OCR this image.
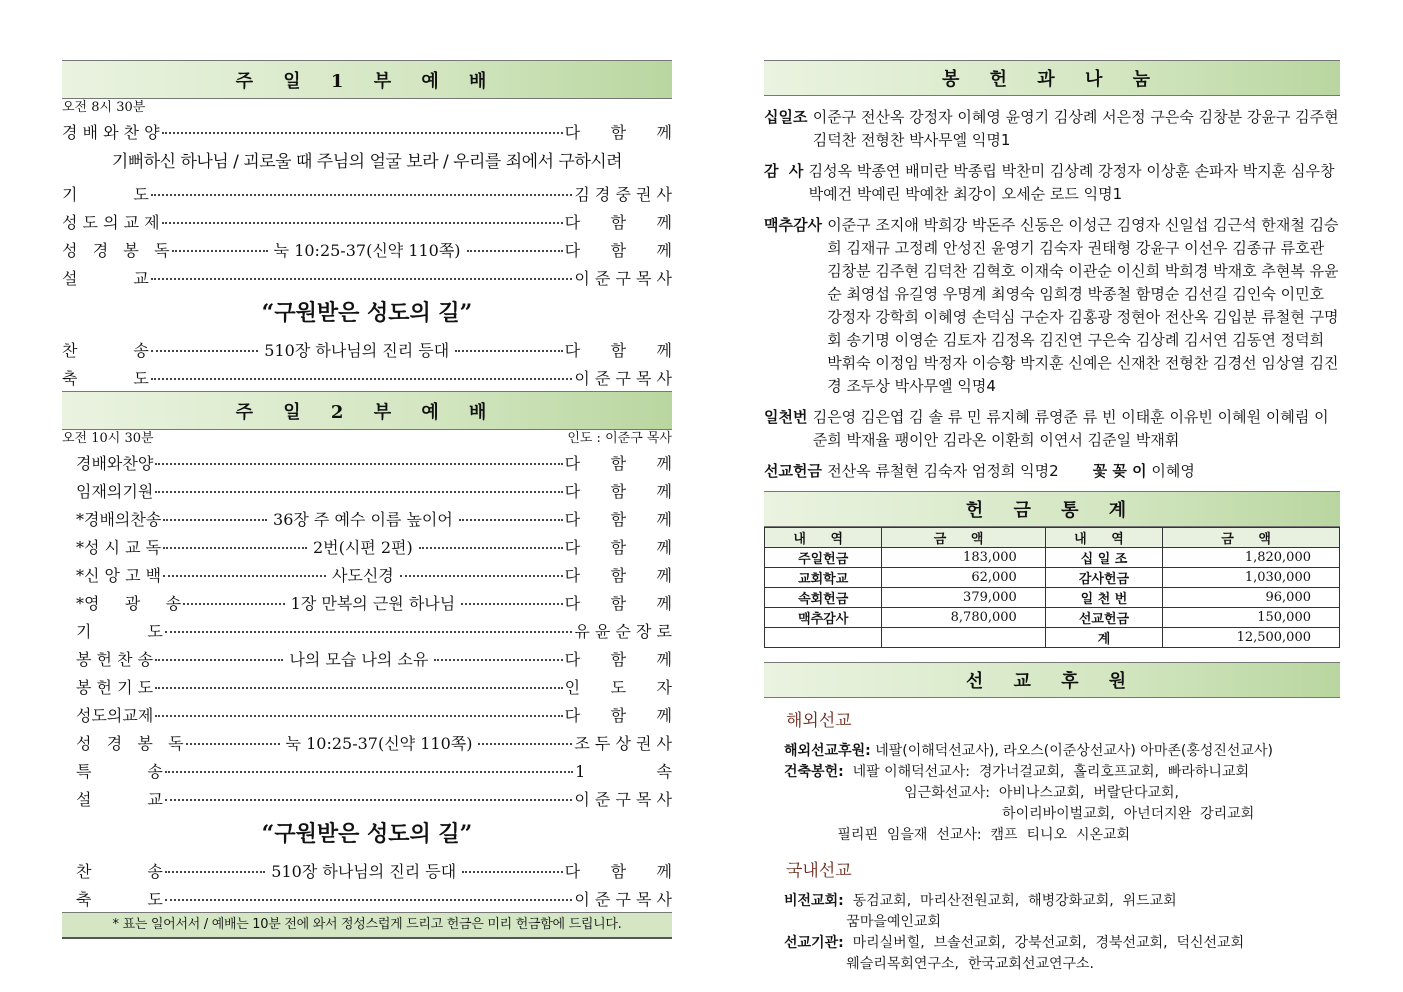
주 일 1 부 예 배
오전 8시 30분
경 배 와 찬 양	다      함      께
기뻐하신 하나님 / 괴로울 때 주님의 얼굴 보라 / 우리를 죄에서 구하시려
기           도	김 경 중 권 사
성 도 의 교 제	다      함      께
성   경   봉   독	눅 10:25-37(신약 110쪽)	다      함      께
설           교	이 준 구 목 사
“구원받은 성도의 길”
찬           송	510장 하나님의 진리 등대	다      함      께
축           도	이 준 구 목 사
주 일 2 부 예 배
오전 10시 30분	인도 : 이준구 목사
경배와찬양	다      함      께
임재의기원	다      함      께
*경배의찬송	36장 주 예수 이름 높이어	다      함      께
*성 시 교 독	2번(시편 2편)	다      함      께
*신 앙 고 백	사도신경	다      함      께
*영     광     송	1장 만복의 근원 하나님	다      함      께
기           도	유 윤 순 장 로
봉 헌 찬 송	나의 모습 나의 소유	다      함      께
봉 헌 기 도	인      도      자
성도의교제	다      함      께
성   경   봉   독	눅 10:25-37(신약 110쪽)	조 두 상 권 사
특           송	1              속
설           교	이 준 구 목 사
“구원받은 성도의 길”
찬           송	510장 하나님의 진리 등대	다      함      께
축           도	이 준 구 목 사
* 표는 일어서서 / 예배는 10분 전에 와서 정성스럽게 드리고 헌금은 미리 헌금함에 드립니다.
봉 헌 과 나 눔
십일조 이준구 전산옥 강정자 이혜영 윤영기 김상례 서은정 구은숙 김창분 강윤구 김주현 김덕찬 전형찬 박사무엘 익명1
감  사 김성옥 박종연 배미란 박종립 박찬미 김상례 강정자 이상훈 손파자 박지훈 심우창 박예건 박예린 박예찬 최강이 오세순 로드 익명1
맥추감사 이준구 조지애 박희강 박돈주 신동은 이성근 김영자 신일섭 김근석 한재철 김승희 김재규 고정례 안성진 윤영기 김숙자 권태형 강윤구 이선우 김종규 류호관 김창분 김주현 김덕찬 김혁호 이재숙 이관순 이신희 박희경 박재호 추현복 유윤순 최영섭 유길영 우명계 최영숙 임희경 박종철 함명순 김선길 김인숙 이민호 강정자 강학희 이혜영 손덕심 구순자 김홍광 정현아 전산옥 김입분 류철현 구명회 송기명 이영순 김토자 김정옥 김진연 구은숙 김상례 김서연 김동연 정덕희 박휘숙 이정임 박정자 이승황 박지훈 신예은 신재찬 전형찬 김경선 임상열 김진경 조두상 박사무엘 익명4
일천번 김은영 김은엽 김 솔 류 민 류지혜 류영준 류 빈 이태훈 이유빈 이혜원 이혜림 이준희 박재율 팽이안 김라온 이환희 이연서 김준일 박재휘
선교헌금 전산옥 류철현 김숙자 엄정희 익명2 꽃 꽂 이 이혜영
헌 금 통 계
내 역	금 액	내 역	금 액
주일헌금	183,000	십 일 조	1,820,000
교회학교	62,000	감사헌금	1,030,000
속회헌금	379,000	일 천 번	96,000
맥추감사	8,780,000	선교헌금	150,000
		계	12,500,000
선 교 후 원
해외선교
해외선교후원: 네팔(이해덕선교사), 라오스(이준상선교사) 아마존(홍성진선교사)
건축봉헌:  네팔 이해덕선교사:  경가너걸교회,  홀리호프교회,  빠라하니교회
임근화선교사:  아비나스교회,  버랄단다교회,
하이리바이벌교회,  아넌더지완  강리교회
필리핀  임을재  선교사:  캠프  티니오  시온교회
국내선교
비전교회:  동검교회,  마리산전원교회,  해병강화교회,  위드교회
꿈마을예인교회
선교기관:  마리실버힐,  브솔선교회,  강북선교회,  경북선교회,  덕신선교회
웨슬리목회연구소,  한국교회선교연구소.
